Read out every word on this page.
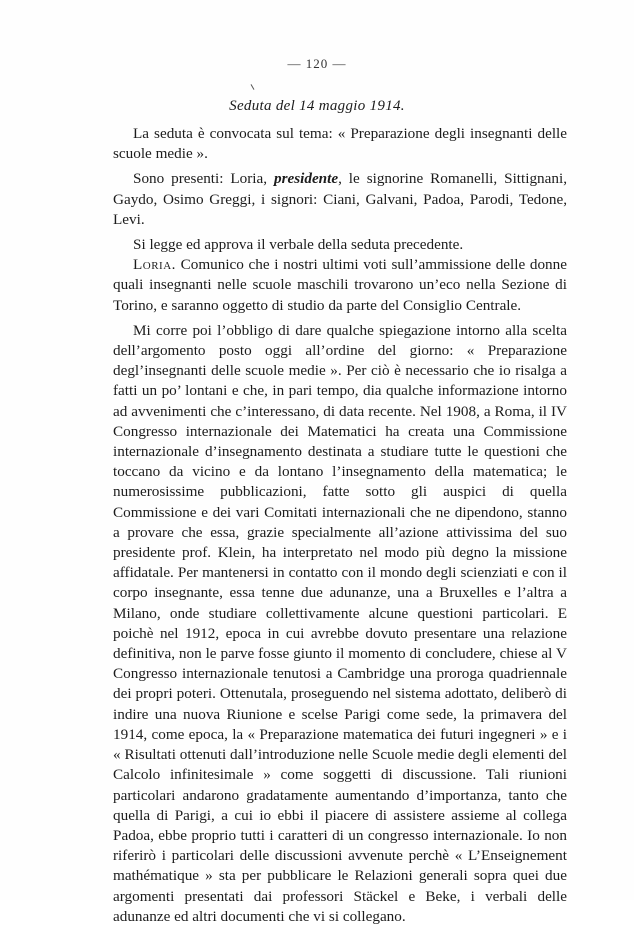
— 120 —
Seduta del 14 maggio 1914.

La seduta è convocata sul tema: « Preparazione degli insegnanti delle scuole medie ».

Sono presenti: Loria, presidente, le signorine Romanelli, Sittignani, Gaydo, Osimo Greggi, i signori: Ciani, Galvani, Padoa, Parodi, Tedone, Levi.

Si legge ed approva il verbale della seduta precedente.

Loria. Comunico che i nostri ultimi voti sull’ammissione delle donne quali insegnanti nelle scuole maschili trovarono un’eco nella Sezione di Torino, e saranno oggetto di studio da parte del Consiglio Centrale.

Mi corre poi l’obbligo di dare qualche spiegazione intorno alla scelta dell’argomento posto oggi all’ordine del giorno: « Preparazione degl’insegnanti delle scuole medie ». Per ciò è necessario che io risalga a fatti un po’ lontani e che, in pari tempo, dia qualche informazione intorno ad avvenimenti che c’interessano, di data recente. Nel 1908, a Roma, il IV Congresso internazionale dei Matematici ha creata una Commissione internazionale d’insegnamento destinata a studiare tutte le questioni che toccano da vicino e da lontano l’insegnamento della matematica; le numerosissime pubblicazioni, fatte sotto gli auspici di quella Commissione e dei vari Comitati internazionali che ne dipendono, stanno a provare che essa, grazie specialmente all’azione attivissima del suo presidente prof. Klein, ha interpretato nel modo più degno la missione affidatale. Per mantenersi in contatto con il mondo degli scienziati e con il corpo insegnante, essa tenne due adunanze, una a Bruxelles e l’altra a Milano, onde studiare collettivamente alcune questioni particolari. E poichè nel 1912, epoca in cui avrebbe dovuto presentare una relazione definitiva, non le parve fosse giunto il momento di concludere, chiese al V Congresso internazionale tenutosi a Cambridge una proroga quadriennale dei propri poteri. Ottenutala, proseguendo nel sistema adottato, deliberò di indire una nuova Riunione e scelse Parigi come sede, la primavera del 1914, come epoca, la « Preparazione matematica dei futuri ingegneri » e i « Risultati ottenuti dall’introduzione nelle Scuole medie degli elementi del Calcolo infinitesimale » come soggetti di discussione. Tali riunioni particolari andarono gradatamente aumentando d’importanza, tanto che quella di Parigi, a cui io ebbi il piacere di assistere assieme al collega Padoa, ebbe proprio tutti i caratteri di un congresso internazionale. Io non riferirò i particolari delle discussioni avvenute perchè « L’Enseignement mathématique » sta per pubblicare le Relazioni generali sopra quei due argomenti presentati dai professori Stäckel e Beke, i verbali delle adunanze ed altri documenti che vi si collegano.
